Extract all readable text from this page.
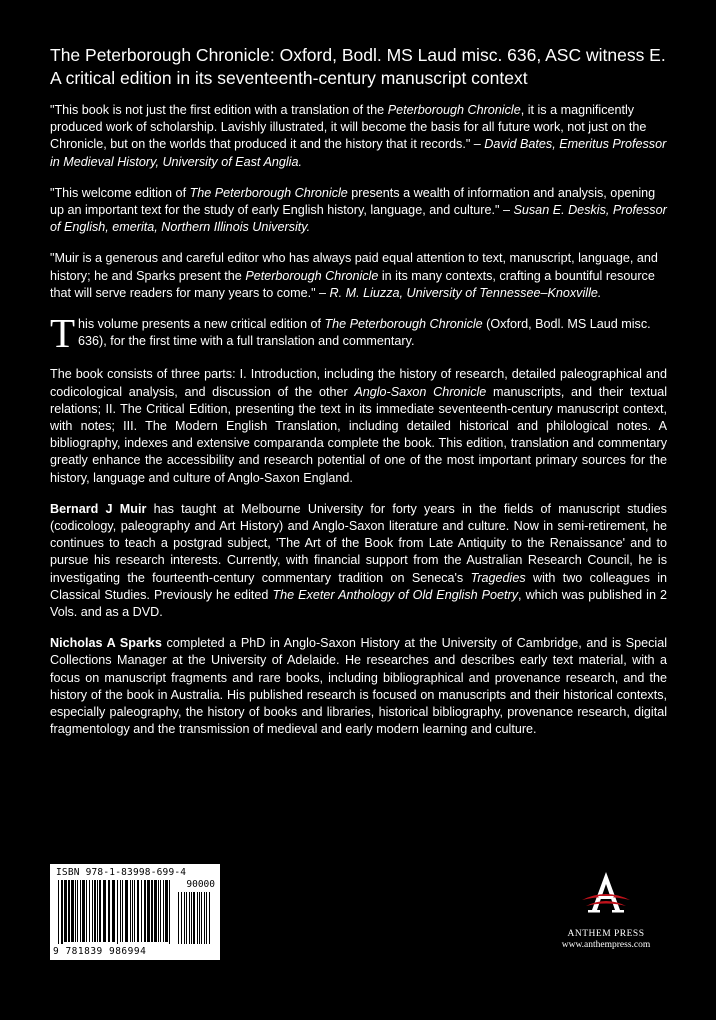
The Peterborough Chronicle: Oxford, Bodl. MS Laud misc. 636, ASC witness E. A critical edition in its seventeenth-century manuscript context

"This book is not just the first edition with a translation of the Peterborough Chronicle, it is a magnificently produced work of scholarship. Lavishly illustrated, it will become the basis for all future work, not just on the Chronicle, but on the worlds that produced it and the history that it records." – David Bates, Emeritus Professor in Medieval History, University of East Anglia.

"This welcome edition of The Peterborough Chronicle presents a wealth of information and analysis, opening up an important text for the study of early English history, language, and culture." – Susan E. Deskis, Professor of English, emerita, Northern Illinois University.

"Muir is a generous and careful editor who has always paid equal attention to text, manuscript, language, and history; he and Sparks present the Peterborough Chronicle in its many contexts, crafting a bountiful resource that will serve readers for many years to come." – R. M. Liuzza, University of Tennessee–Knoxville.

This volume presents a new critical edition of The Peterborough Chronicle (Oxford, Bodl. MS Laud misc. 636), for the first time with a full translation and commentary.

The book consists of three parts: I. Introduction, including the history of research, detailed paleographical and codicological analysis, and discussion of the other Anglo-Saxon Chronicle manuscripts, and their textual relations; II. The Critical Edition, presenting the text in its immediate seventeenth-century manuscript context, with notes; III. The Modern English Translation, including detailed historical and philological notes. A bibliography, indexes and extensive comparanda complete the book. This edition, translation and commentary greatly enhance the accessibility and research potential of one of the most important primary sources for the history, language and culture of Anglo-Saxon England.

Bernard J Muir has taught at Melbourne University for forty years in the fields of manuscript studies (codicology, paleography and Art History) and Anglo-Saxon literature and culture. Now in semi-retirement, he continues to teach a postgrad subject, 'The Art of the Book from Late Antiquity to the Renaissance' and to pursue his research interests. Currently, with financial support from the Australian Research Council, he is investigating the fourteenth-century commentary tradition on Seneca's Tragedies with two colleagues in Classical Studies. Previously he edited The Exeter Anthology of Old English Poetry, which was published in 2 Vols. and as a DVD.

Nicholas A Sparks completed a PhD in Anglo-Saxon History at the University of Cambridge, and is Special Collections Manager at the University of Adelaide. He researches and describes early text material, with a focus on manuscript fragments and rare books, including bibliographical and provenance research, and the history of the book in Australia. His published research is focused on manuscripts and their historical contexts, especially paleography, the history of books and libraries, historical bibliography, provenance research, digital fragmentology and the transmission of medieval and early modern learning and culture.

ISBN 978-1-83998-699-4
90000
9 781839 986994
ANTHEM PRESS
www.anthempress.com
